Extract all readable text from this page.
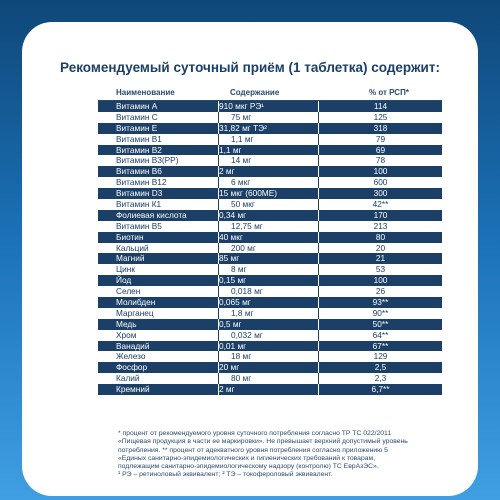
Рекомендуемый суточный приём (1 таблетка) содержит:
Наименование	Содержание	% от РСП*
Витамин А	910 мкг РЭ¹	114
Витамин С	75 мг	125
Витамин Е	31,82 мг ТЭ²	318
Витамин В1	1,1 мг	79
Витамин В2	1,1 мг	69
Витамин В3(РР)	14 мг	78
Витамин В6	2 мг	100
Витамин В12	6 мкг	600
Витамин D3	15 мкг (600МЕ)	300
Витамин К1	50 мкг	42**
Фолиевая кислота	0,34 мг	170
Витамин В5	12,75 мг	213
Биотин	40 мкг	80
Кальций	200 мг	20
Магний	85 мг	21
Цинк	8 мг	53
Йод	0,15 мг	100
Селен	0,018 мг	26
Молибден	0,065 мг	93**
Марганец	1,8 мг	90**
Медь	0,5 мг	50**
Хром	0,032 мг	64**
Ванадий	0,01 мг	67**
Железо	18 мг	129
Фосфор	20 мг	2,5
Калий	80 мг	2,3
Кремний	2 мг	6,7**
* процент от рекомендуемого уровня суточного потребления согласно ТР ТС 022/2011
«Пищевая продукция в части ее маркировки». Не превышает верхний допустимый уровень
потребления. ** процент от адекватного уровня потребления согласно приложению 5
«Единых санитарно-эпидемиологических и гигиенических требований к товарам,
подлежащим санитарно-эпидемиологическому надзору (контролю) ТС ЕврАзЭС».
¹ РЭ – ретиноловый эквивалент; ² ТЭ – токофероловый эквивалент.
